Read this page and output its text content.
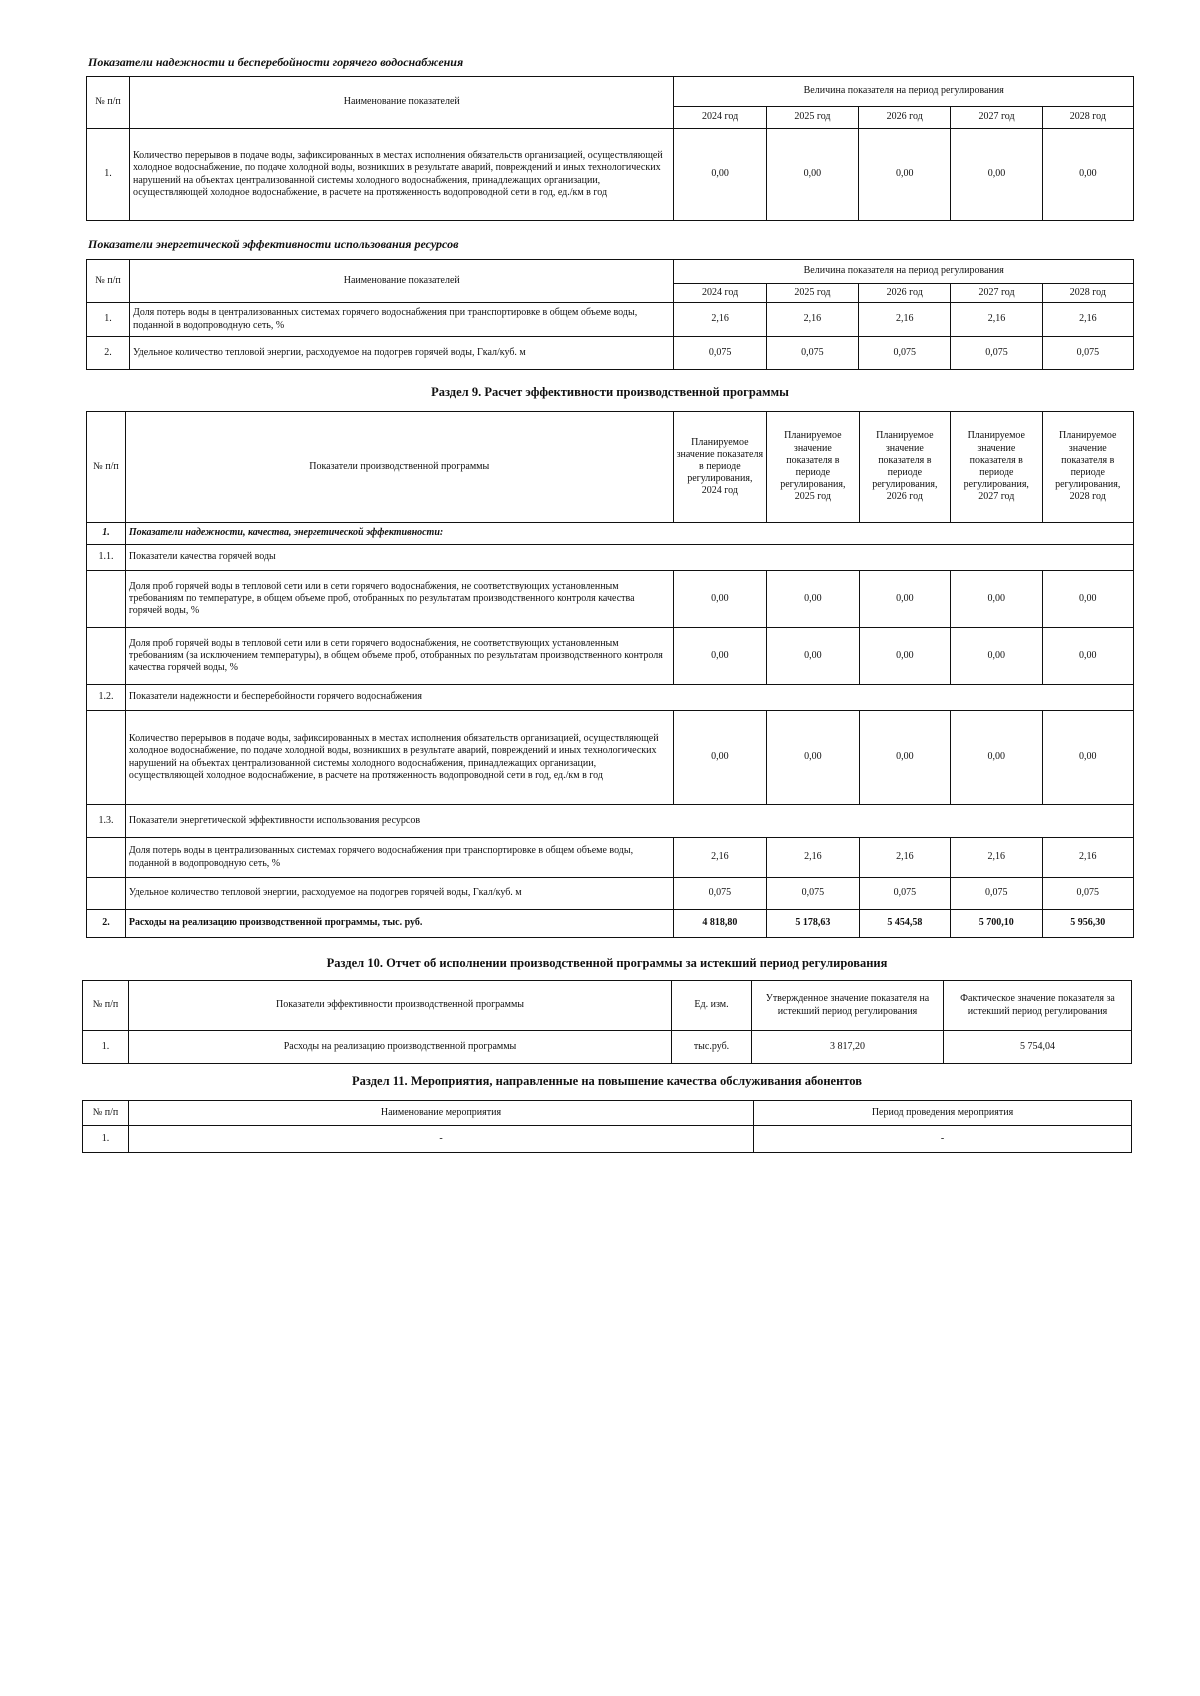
Показатели надежности и бесперебойности горячего водоснабжения
№ п/п	Наименование показателей	Величина показателя на период регулирования				
		2024 год	2025 год	2026 год	2027 год	2028 год
1.	Количество перерывов в подаче воды, зафиксированных в местах исполнения обязательств организацией, осуществляющей холодное водоснабжение, по подаче холодной воды, возникших в результате аварий, повреждений и иных технологических нарушений на объектах централизованной системы холодного водоснабжения, принадлежащих организации, осуществляющей холодное водоснабжение, в расчете на протяженность водопроводной сети в год, ед./км в год	0,00	0,00	0,00	0,00	0,00
Показатели энергетической эффективности использования ресурсов
№ п/п	Наименование показателей	Величина показателя на период регулирования				
		2024 год	2025 год	2026 год	2027 год	2028 год
1.	Доля потерь воды в централизованных системах горячего водоснабжения при транспортировке в общем объеме воды, поданной в водопроводную сеть, %	2,16	2,16	2,16	2,16	2,16
2.	Удельное количество тепловой энергии, расходуемое на подогрев горячей воды, Гкал/куб. м	0,075	0,075	0,075	0,075	0,075
Раздел 9. Расчет эффективности производственной программы
№ п/п	Показатели производственной программы	Планируемое значение показателя в периоде регулирования, 2024 год	Планируемое значение показателя в периоде регулирования, 2025 год	Планируемое значение показателя в периоде регулирования, 2026 год	Планируемое значение показателя в периоде регулирования, 2027 год	Планируемое значение показателя в периоде регулирования, 2028 год
1.	Показатели надежности, качества, энергетической эффективности:					
1.1.	Показатели качества горячей воды					
	Доля проб горячей воды в тепловой сети или в сети горячего водоснабжения, не соответствующих установленным требованиям по температуре, в общем объеме проб, отобранных по результатам производственного контроля качества горячей воды, %	0,00	0,00	0,00	0,00	0,00
	Доля проб горячей воды в тепловой сети или в сети горячего водоснабжения, не соответствующих установленным требованиям (за исключением температуры), в общем объеме проб, отобранных по результатам производственного контроля качества горячей воды, %	0,00	0,00	0,00	0,00	0,00
1.2.	Показатели надежности и бесперебойности горячего водоснабжения					
	Количество перерывов в подаче воды, зафиксированных в местах исполнения обязательств организацией, осуществляющей холодное водоснабжение, по подаче холодной воды, возникших в результате аварий, повреждений и иных технологических нарушений на объектах централизованной системы холодного водоснабжения, принадлежащих организации, осуществляющей холодное водоснабжение, в расчете на протяженность водопроводной сети в год, ед./км в год	0,00	0,00	0,00	0,00	0,00
1.3.	Показатели энергетической эффективности использования ресурсов					
	Доля потерь воды в централизованных системах горячего водоснабжения при транспортировке в общем объеме воды, поданной в водопроводную сеть, %	2,16	2,16	2,16	2,16	2,16
	Удельное количество тепловой энергии, расходуемое на подогрев горячей воды, Гкал/куб. м	0,075	0,075	0,075	0,075	0,075
2.	Расходы на реализацию производственной программы, тыс. руб.	4 818,80	5 178,63	5 454,58	5 700,10	5 956,30
Раздел 10. Отчет об исполнении производственной программы за истекший период регулирования
№ п/п	Показатели эффективности производственной программы	Ед. изм.	Утвержденное значение показателя на истекший период регулирования	Фактическое значение показателя за истекший период регулирования
1.	Расходы на реализацию производственной программы	тыс.руб.	3 817,20	5 754,04
Раздел 11. Мероприятия, направленные на повышение качества обслуживания абонентов
№ п/п	Наименование мероприятия	Период проведения мероприятия
1.	-	-
